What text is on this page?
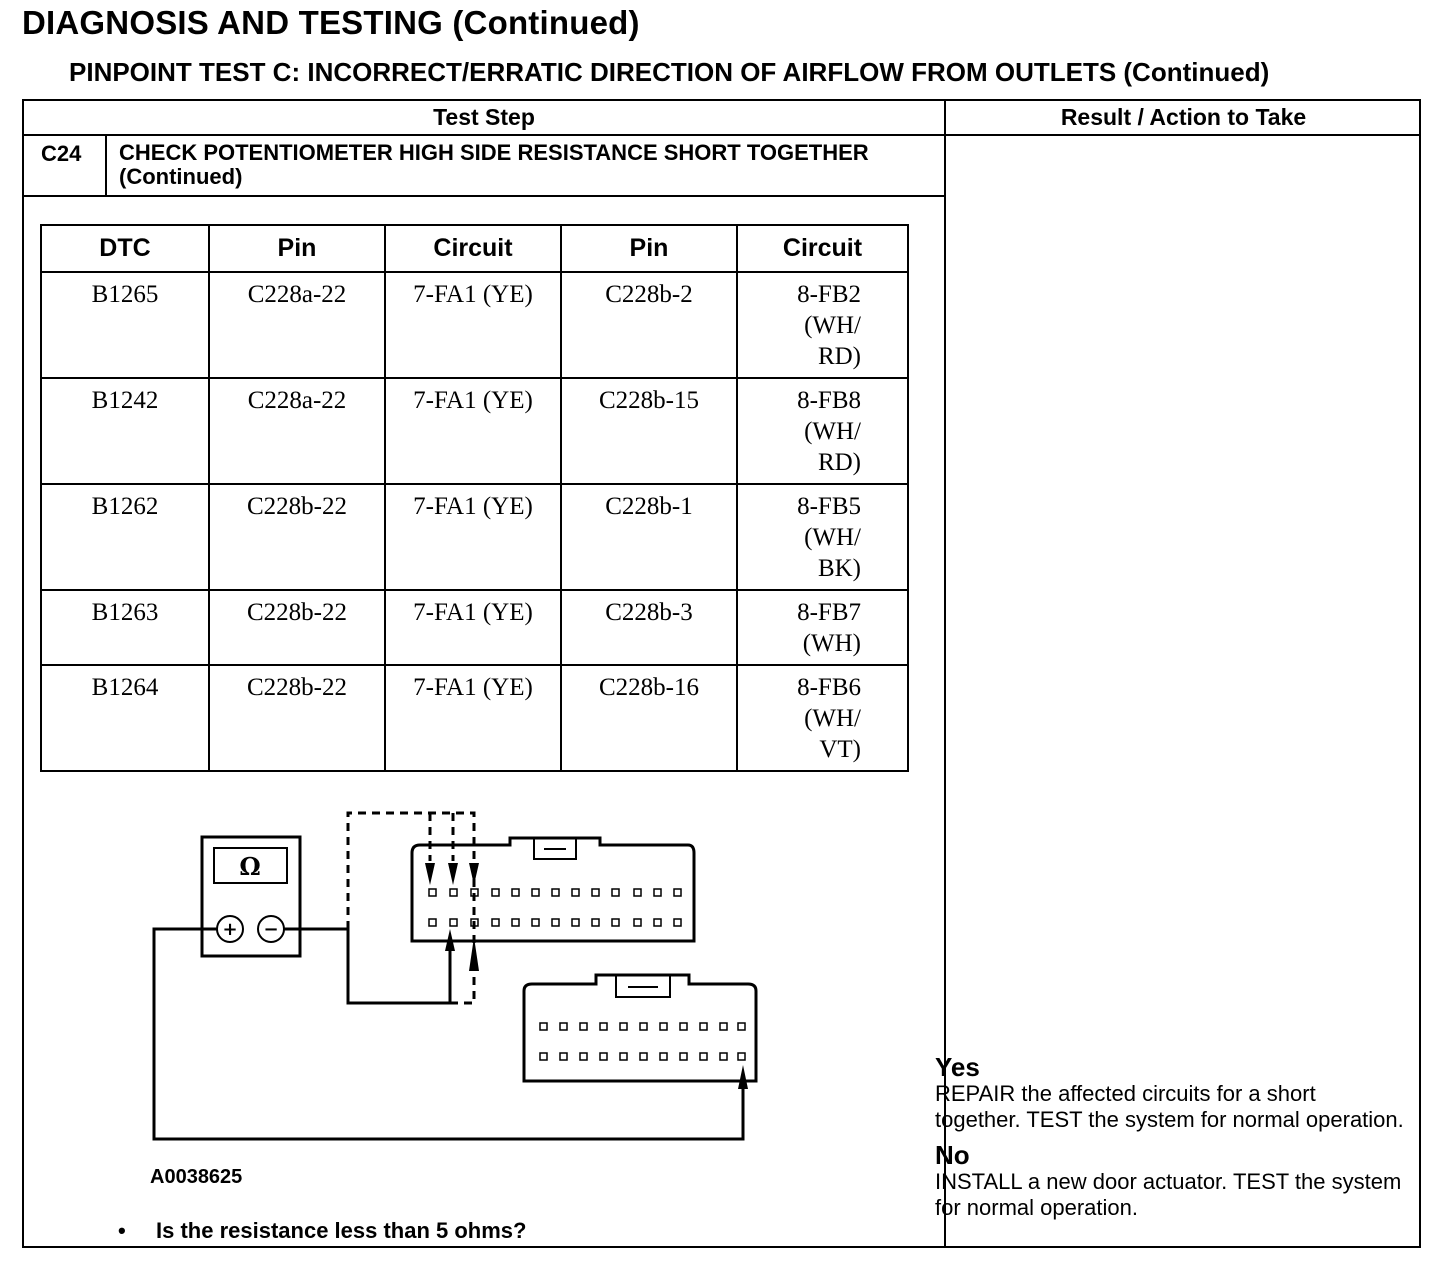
DIAGNOSIS AND TESTING (Continued)
PINPOINT TEST C: INCORRECT/ERRATIC DIRECTION OF AIRFLOW FROM OUTLETS (Continued)
Test Step	Result / Action to Take
C24 CHECK POTENTIOMETER HIGH SIDE RESISTANCE SHORT TOGETHER (Continued)
DTC	Pin	Circuit	Pin	Circuit
B1265	C228a-22	7-FA1 (YE)	C228b-2	8-FB2
(WH/
RD)
B1242	C228a-22	7-FA1 (YE)	C228b-15	8-FB8
(WH/
RD)
B1262	C228b-22	7-FA1 (YE)	C228b-1	8-FB5
(WH/
BK)
B1263	C228b-22	7-FA1 (YE)	C228b-3	8-FB7
(WH)
B1264	C228b-22	7-FA1 (YE)	C228b-16	8-FB6
(WH/
VT)
Ω
+ −
A0038625
• Is the resistance less than 5 ohms?
Yes
REPAIR the affected circuits for a short together. TEST the system for normal operation.
No
INSTALL a new door actuator. TEST the system for normal operation.
